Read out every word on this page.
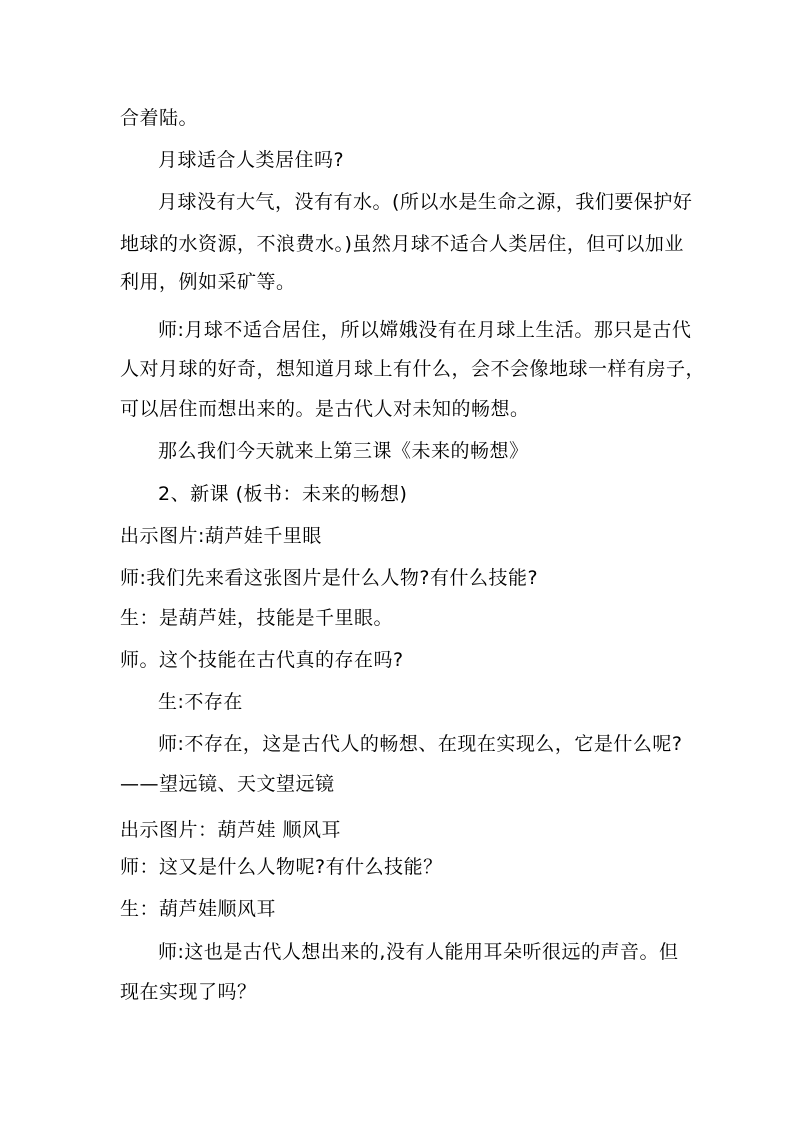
合着陆。
月球适合人类居住吗?
月球没有大气，没有有水。(所以水是生命之源，我们要保护好
地球的水资源，不浪费水。)虽然月球不适合人类居住，但可以加业
利用，例如采矿等。
师:月球不适合居住，所以嫦娥没有在月球上生活。那只是古代
人对月球的好奇，想知道月球上有什么，会不会像地球一样有房子，
可以居住而想出来的。是古代人对未知的畅想。
那么我们今天就来上第三课《未来的畅想》
2、新课 (板书：未来的畅想)
出示图片:葫芦娃千里眼
师:我们先来看这张图片是什么人物?有什么技能?
生：是葫芦娃，技能是千里眼。
师。这个技能在古代真的存在吗?
生:不存在
师:不存在，这是古代人的畅想、在现在实现么，它是什么呢?
——望远镜、天文望远镜
出示图片：葫芦娃 顺风耳
师：这又是什么人物呢?有什么技能？
生：葫芦娃顺风耳
师:这也是古代人想出来的,没有人能用耳朵听很远的声音。但
现在实现了吗？
